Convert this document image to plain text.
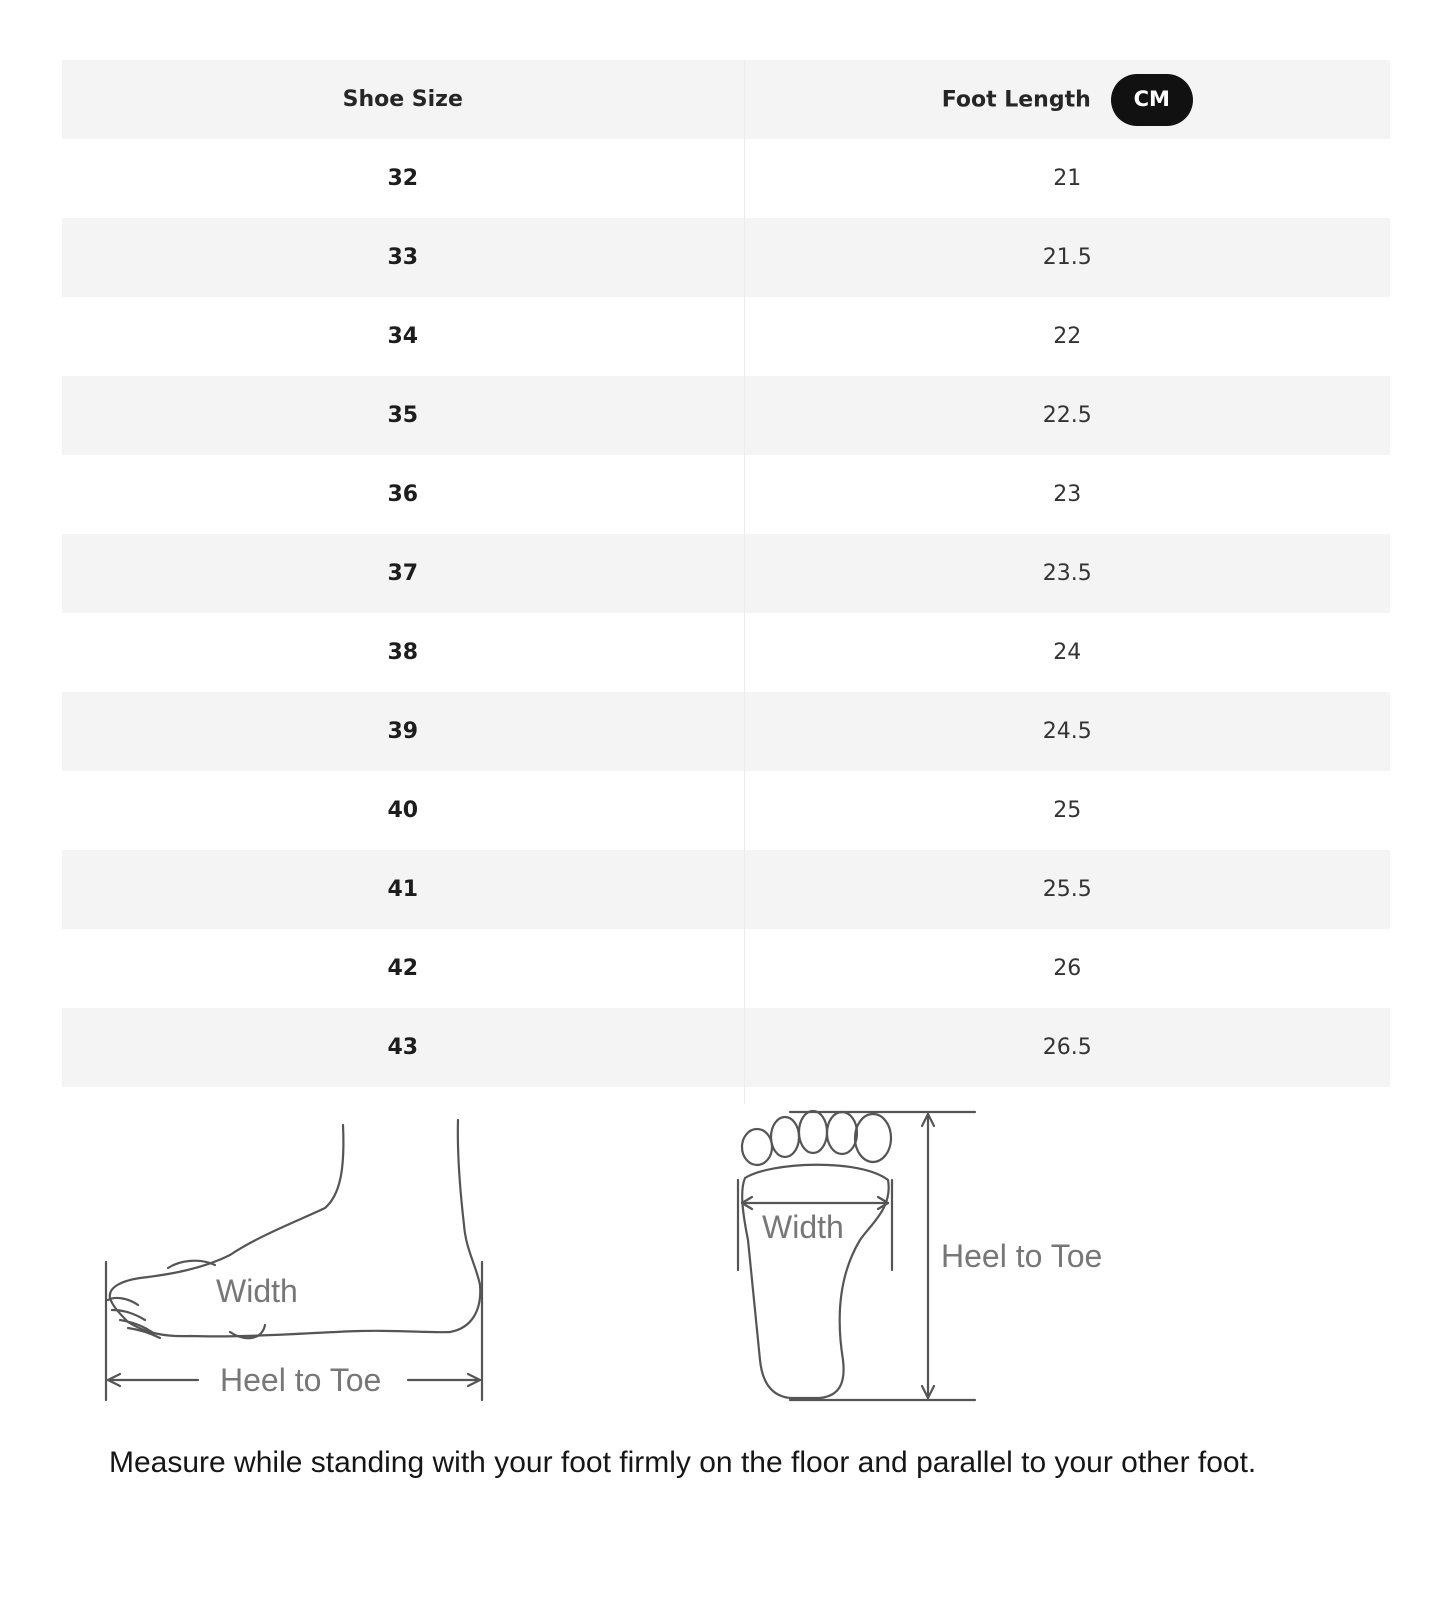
Shoe Size	Foot Length CM
32	21
33	21.5
34	22
35	22.5
36	23
37	23.5
38	24
39	24.5
40	25
41	25.5
42	26
43	26.5
Width
Heel to Toe
Width
Heel to Toe

Measure while standing with your foot firmly on the floor and parallel to your other foot.
